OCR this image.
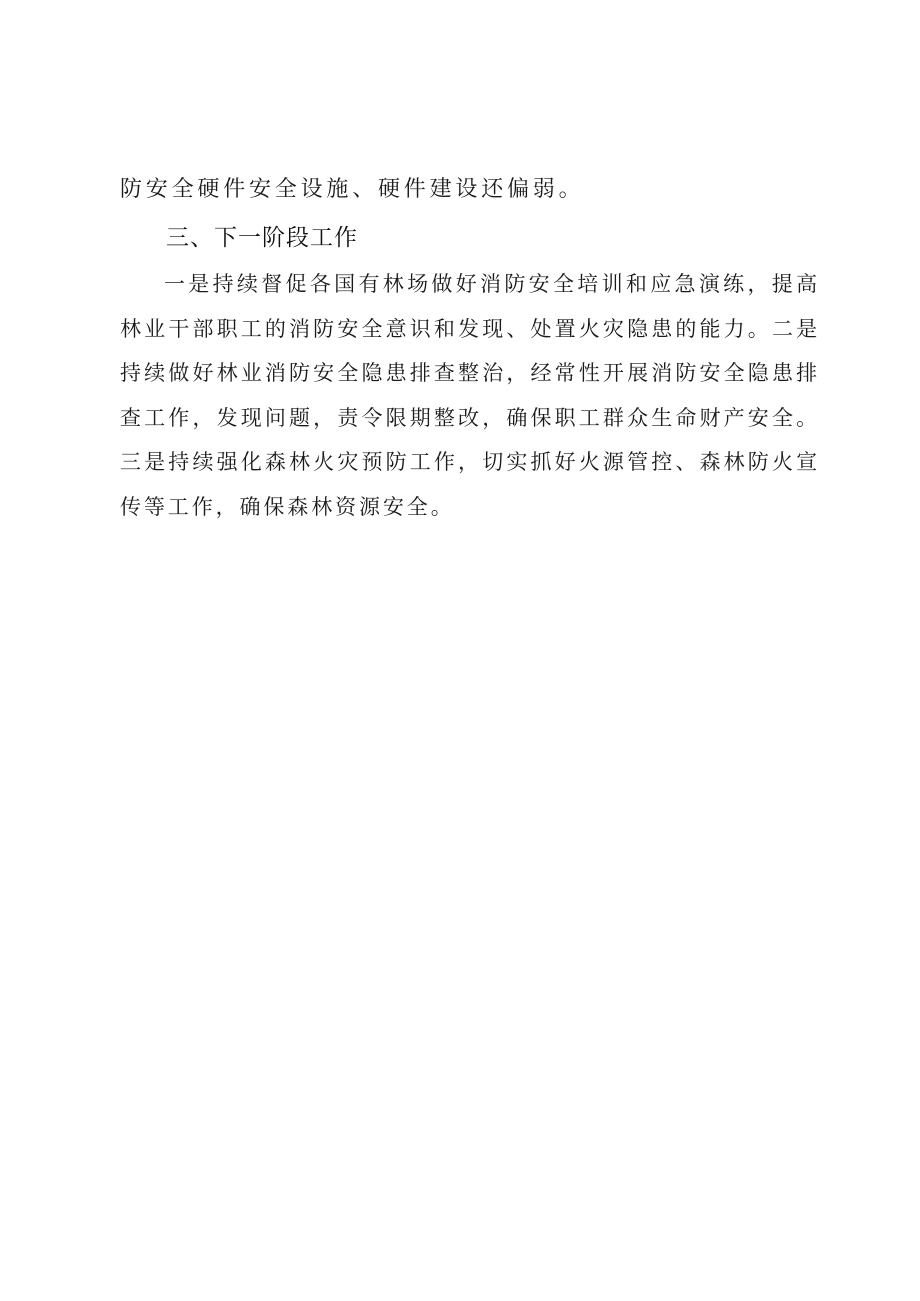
防安全硬件安全设施、硬件建设还偏弱。
三、下一阶段工作

一是持续督促各国有林场做好消防安全培训和应急演练，提高林业干部职工的消防安全意识和发现、处置火灾隐患的能力。二是持续做好林业消防安全隐患排查整治，经常性开展消防安全隐患排查工作，发现问题，责令限期整改，确保职工群众生命财产安全。三是持续强化森林火灾预防工作，切实抓好火源管控、森林防火宣传等工作，确保森林资源安全。
